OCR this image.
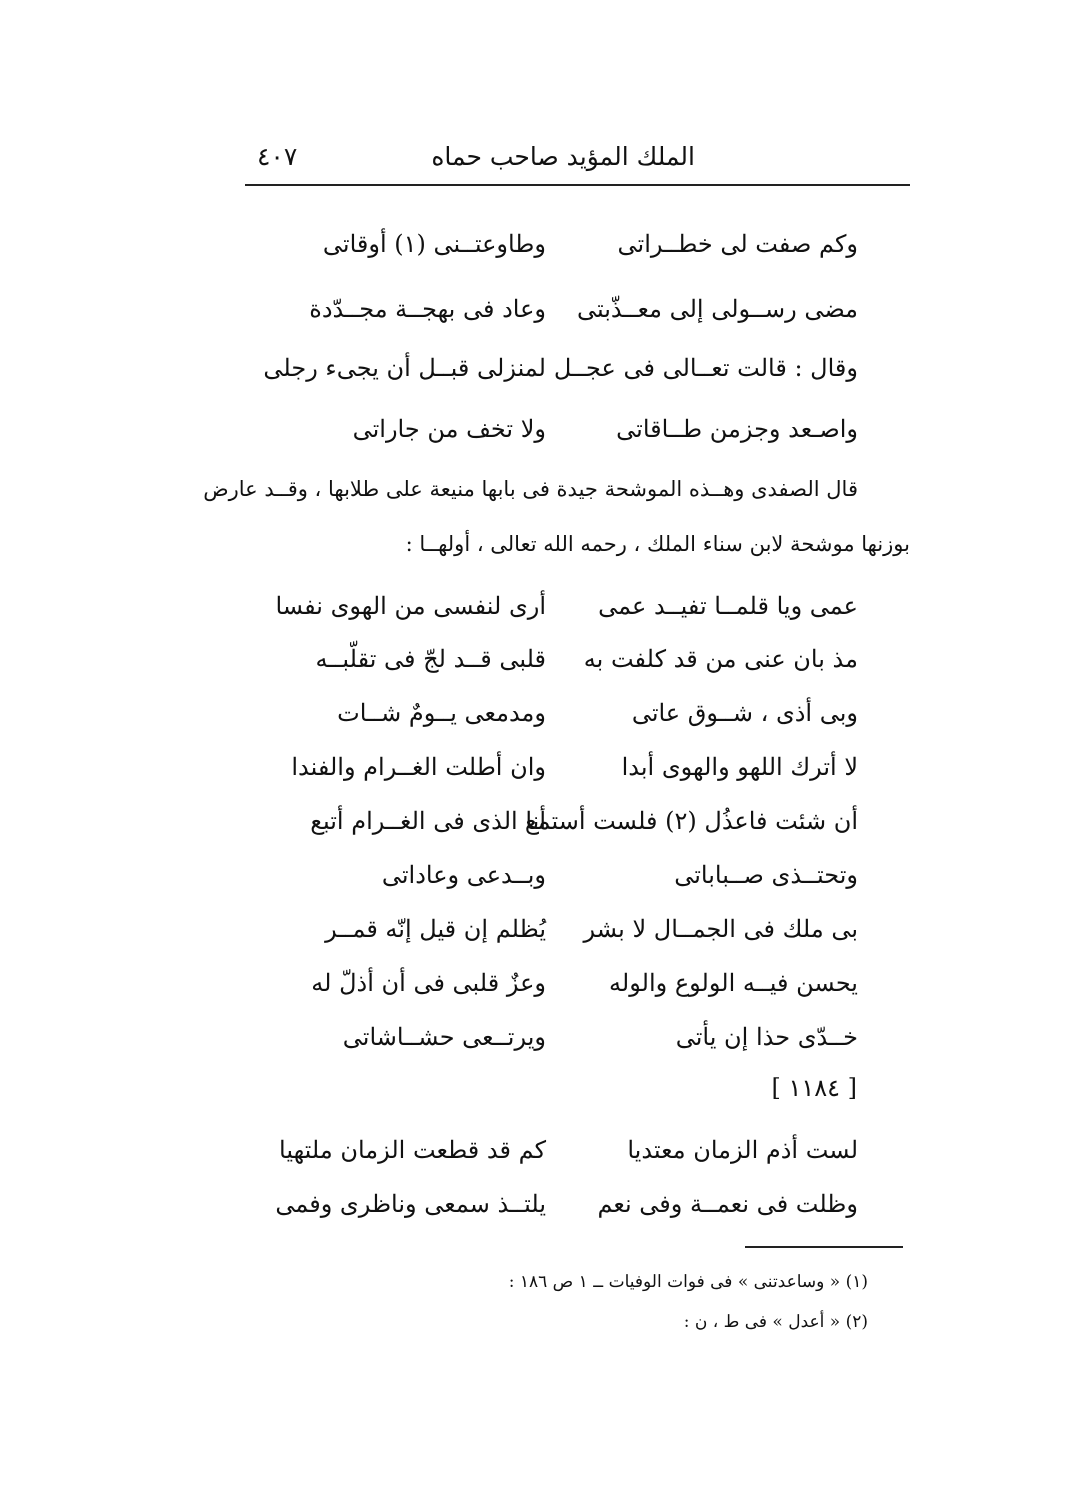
الملك المؤيد صاحب حماه
٤٠٧
وكم صفت لى خطــراتى
وطاوعتــنى (١) أوقاتى
مضى رســولى إلى معــذّبتى
وعاد فى بهجــة مجــدّدة
وقال : قالت تعــالى فى عجــل
لمنزلى قبــل أن يجىء رجلى
واصـعد وجزمن طــاقاتى
ولا تخف من جاراتى
قال الصفدى وهــذه الموشحة جيدة فى بابها منيعة على طلابها ، وقــد عارض
بوزنها موشحة لابن سناء الملك ، رحمه الله تعالى ، أولهــا :
عمى ويا قلمــا تفيــد عمى
أرى لنفسى من الهوى نفسا
مذ بان عنى من قد كلفت به
قلبى قــد لجّ فى تقلّبــه
وبى أذى ، شــوق عاتى
ومدمعى يــومٌ شــات
لا أترك اللهو والهوى أبدا
وان أطلت الغــرام والفندا
أن شئت فاعذُل (٢) فلست أستمع
أنا الذى فى الغــرام أتبع
وتحتــذى صــباباتى
وبــدعى وعاداتى
بى ملك فى الجمــال لا بشر
يُظلم إن قيل إنّه قمــر
يحسن فيــه الولوع والوله
وعزٌ قلبى فى أن أذلّ له
خــدّى حذا إن يأتى
ويرتــعى حشــاشاتى
[ ١١٨٤ ]
لست أذم الزمان معتديا
كم قد قطعت الزمان ملتهيا
وظلت فى نعمــة وفى نعم
يلتــذ سمعى وناظرى وفمى
(١) « وساعدتنى » فى فوات الوفيات ــ ١ ص ١٨٦ :
(٢) « أعدل » فى ط ، ن :
